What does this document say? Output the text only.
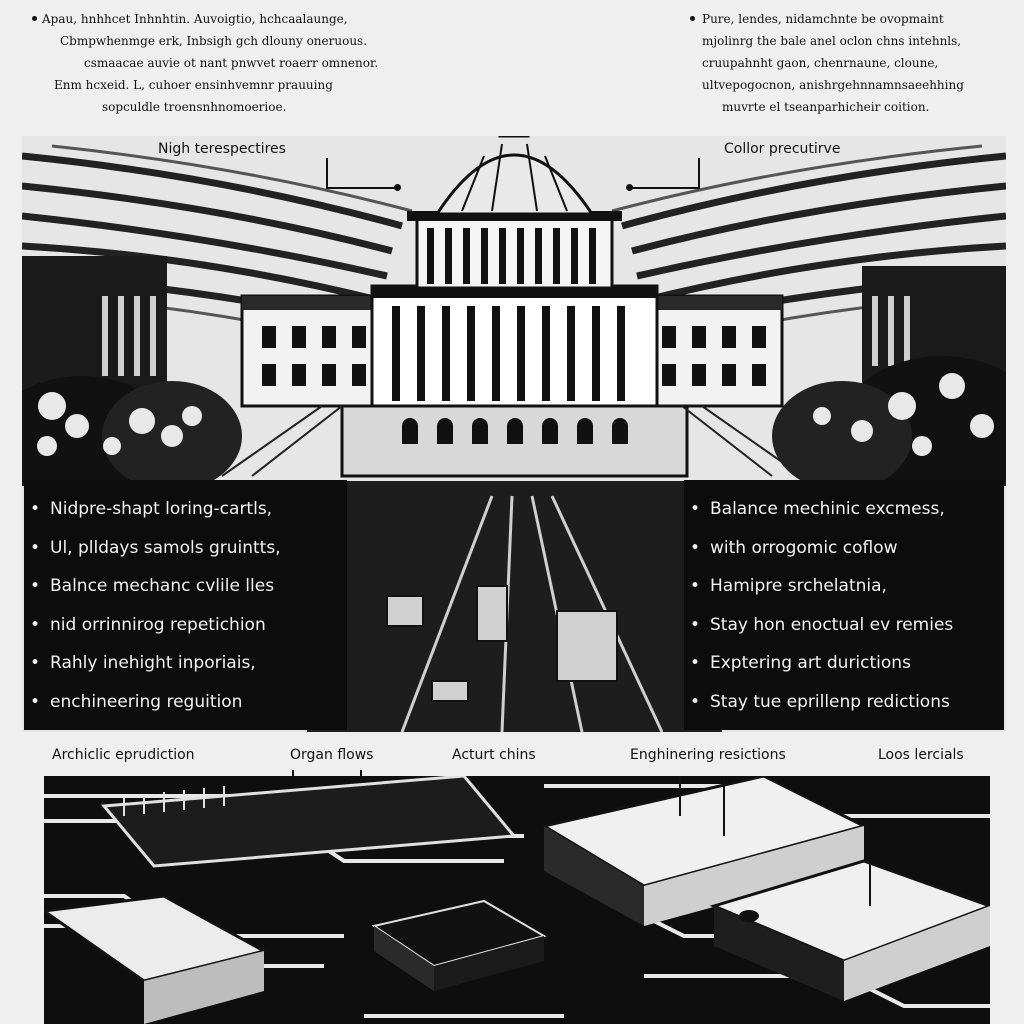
Apau, hnhhcet Inhnhtin. Auvoigtio, hchcaalaunge,

Cbmpwhenmge erk, Inbsigh gch dlouny oneruous.

csmaacae auvie ot nant pnwvet roaerr omnenor.

Enm hcxeid. L, cuhoer ensinhvemnr prauuing

sopculdle troensnhnomoerioe.

Pure, lendes, nidamchnte be ovopmaint

mjolinrg the bale anel oclon chns intehnls,

cruupahnht gaon, chenrnaune, cloune,

ultvepogocnon, anishrgehnnamnsaeehhing

muvrte el tseanparhicheir coition.

Nigh terespectires	Collor precutirve
• Nidpre-shapt loring-cartls,
• Ul, plldays samols gruintts,
• Balnce mechanc cvlile lles
• nid orrinnirog repetichion
• Rahly inehight inporiais,
• enchineering reguition
• Balance mechinic excmess,
• with orrogomic coflow
• Hamipre srchelatnia,
• Stay hon enoctual ev remies
• Exptering art durictions
• Stay tue eprillenp redictions
Archiclic eprudiction	Organ flows	Acturt chins	Enghinering resictions	Loos lercials
